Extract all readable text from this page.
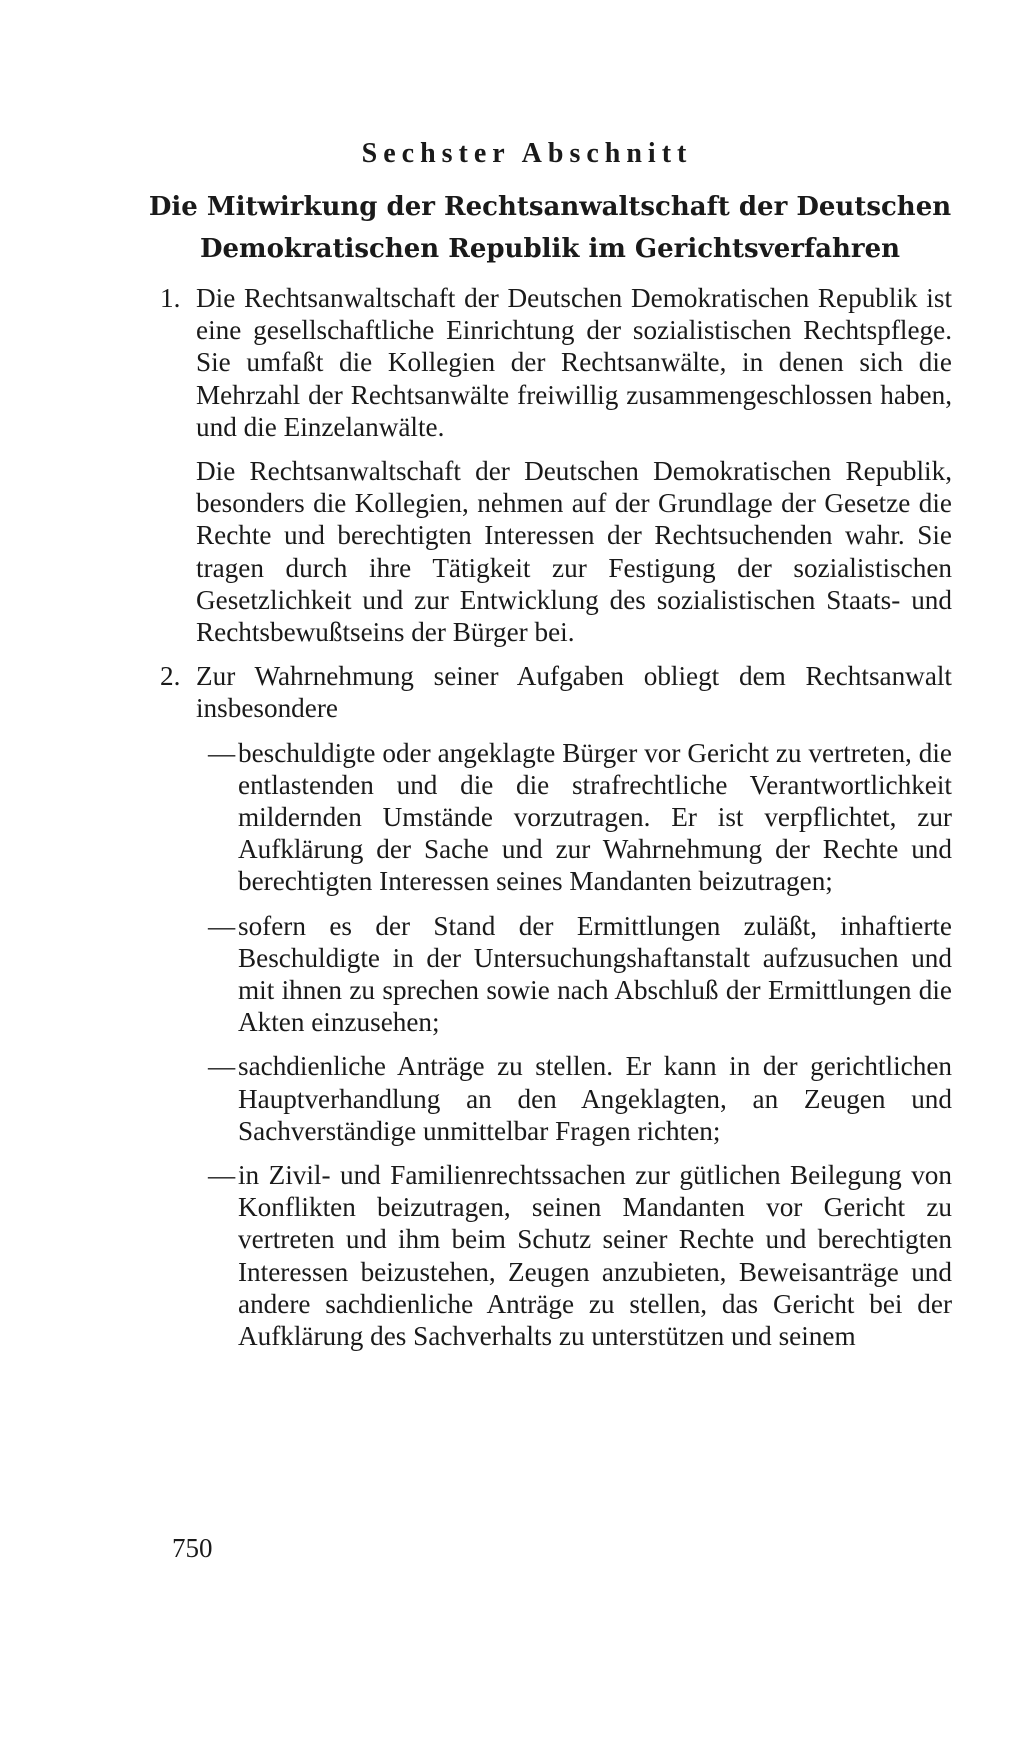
Sechster Abschnitt
Die Mitwirkung der Rechtsanwaltschaft der Deutschen Demokratischen Republik im Gerichtsverfahren
1. Die Rechtsanwaltschaft der Deutschen Demokratischen Republik ist eine gesellschaftliche Einrichtung der sozialistischen Rechtspflege. Sie umfaßt die Kollegien der Rechtsanwälte, in denen sich die Mehrzahl der Rechtsanwälte freiwillig zusammengeschlossen haben, und die Einzelanwälte.

Die Rechtsanwaltschaft der Deutschen Demokratischen Republik, besonders die Kollegien, nehmen auf der Grundlage der Gesetze die Rechte und berechtigten Interessen der Rechtsuchenden wahr. Sie tragen durch ihre Tätigkeit zur Festigung der sozialistischen Gesetzlichkeit und zur Entwicklung des sozialistischen Staats- und Rechtsbewußtseins der Bürger bei.

2. Zur Wahrnehmung seiner Aufgaben obliegt dem Rechtsanwalt insbesondere

— beschuldigte oder angeklagte Bürger vor Gericht zu vertreten, die entlastenden und die die strafrechtliche Verantwortlichkeit mildernden Umstände vorzutragen. Er ist verpflichtet, zur Aufklärung der Sache und zur Wahrnehmung der Rechte und berechtigten Interessen seines Mandanten beizutragen;
— sofern es der Stand der Ermittlungen zuläßt, inhaftierte Beschuldigte in der Untersuchungshaftanstalt aufzusuchen und mit ihnen zu sprechen sowie nach Abschluß der Ermittlungen die Akten einzusehen;
— sachdienliche Anträge zu stellen. Er kann in der gerichtlichen Hauptverhandlung an den Angeklagten, an Zeugen und Sachverständige unmittelbar Fragen richten;
— in Zivil- und Familienrechtssachen zur gütlichen Beilegung von Konflikten beizutragen, seinen Mandanten vor Gericht zu vertreten und ihm beim Schutz seiner Rechte und berechtigten Interessen beizustehen, Zeugen anzubieten, Beweisanträge und andere sachdienliche Anträge zu stellen, das Gericht bei der Aufklärung des Sachverhalts zu unterstützen und seinem
750
